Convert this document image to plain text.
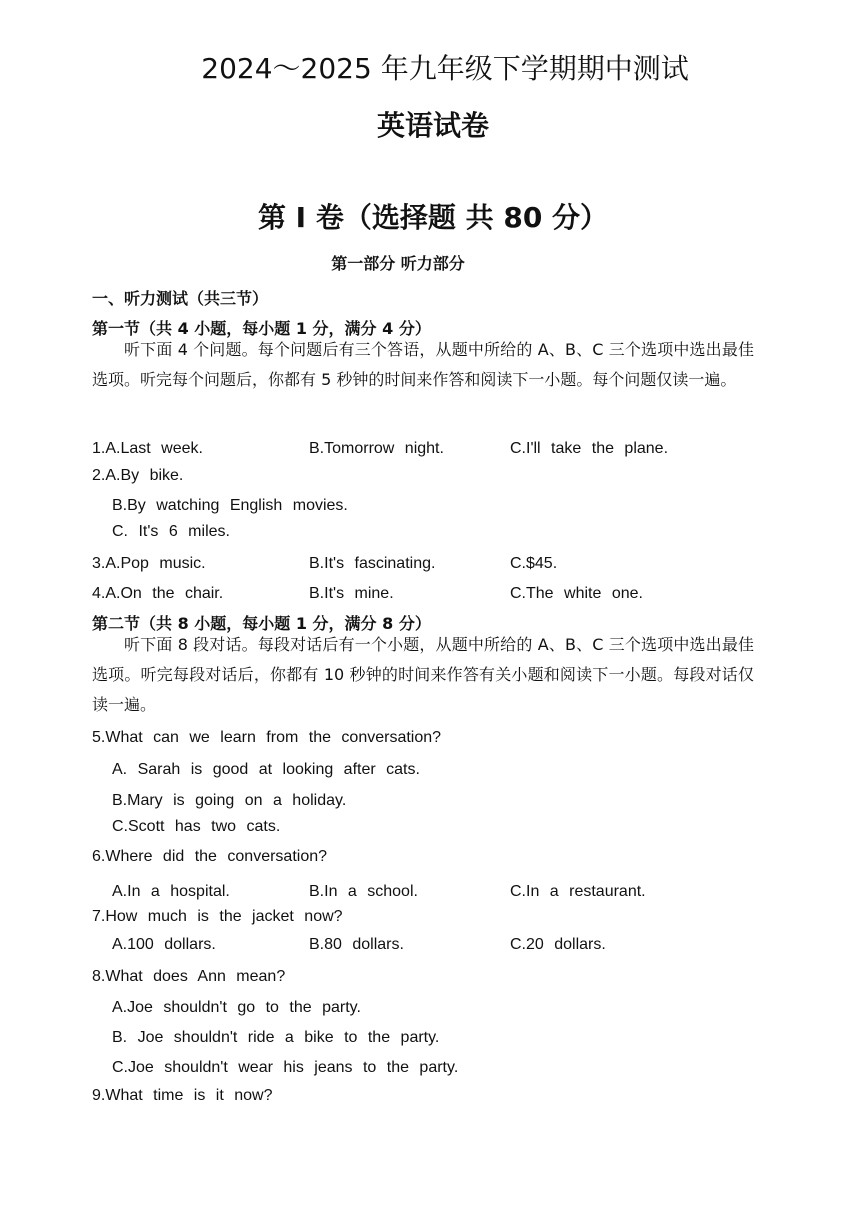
2024～2025 年九年级下学期期中测试
英语试卷
第 I 卷（选择题 共 80 分）
第一部分 听力部分
一、听力测试（共三节）
第一节（共 4 小题，每小题 1 分，满分 4 分）
听下面 4 个问题。每个问题后有三个答语，从题中所给的 A、B、C 三个选项中选出最佳选项。听完每个问题后，你都有 5 秒钟的时间来作答和阅读下一小题。每个问题仅读一遍。
1.A.Last week.	B.Tomorrow night.	C.I'll take the plane.
2.A.By bike.
B.By watching English movies.
C. It's 6 miles.
3.A.Pop music.	B.It's fascinating.	C.$45.
4.A.On the chair.	B.It's mine.	C.The white one.
第二节（共 8 小题，每小题 1 分，满分 8 分）
听下面 8 段对话。每段对话后有一个小题，从题中所给的 A、B、C 三个选项中选出最佳选项。听完每段对话后，你都有 10 秒钟的时间来作答有关小题和阅读下一小题。每段对话仅读一遍。
5.What can we learn from the conversation?
A. Sarah is good at looking after cats.
B.Mary is going on a holiday.
C.Scott has two cats.
6.Where did the conversation?
A.In a hospital.	B.In a school.	C.In a restaurant.
7.How much is the jacket now?
A.100 dollars.	B.80 dollars.	C.20 dollars.
8.What does Ann mean?
A.Joe shouldn't go to the party.
B. Joe shouldn't ride a bike to the party.
C.Joe shouldn't wear his jeans to the party.
9.What time is it now?
